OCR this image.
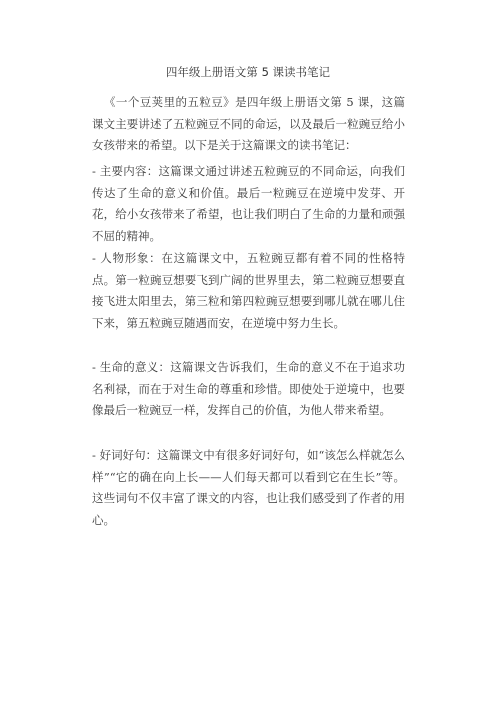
四年级上册语文第 5 课读书笔记
《一个豆荚里的五粒豆》是四年级上册语文第 5 课，这篇课文主要讲述了五粒豌豆不同的命运，以及最后一粒豌豆给小女孩带来的希望。以下是关于这篇课文的读书笔记：
- 主要内容：这篇课文通过讲述五粒豌豆的不同命运，向我们传达了生命的意义和价值。最后一粒豌豆在逆境中发芽、开花，给小女孩带来了希望，也让我们明白了生命的力量和顽强不屈的精神。
- 人物形象：在这篇课文中，五粒豌豆都有着不同的性格特点。第一粒豌豆想要飞到广阔的世界里去，第二粒豌豆想要直接飞进太阳里去，第三粒和第四粒豌豆想要到哪儿就在哪儿住下来，第五粒豌豆随遇而安，在逆境中努力生长。
- 生命的意义：这篇课文告诉我们，生命的意义不在于追求功名利禄，而在于对生命的尊重和珍惜。即使处于逆境中，也要像最后一粒豌豆一样，发挥自己的价值，为他人带来希望。
- 好词好句：这篇课文中有很多好词好句，如“该怎么样就怎么样”“它的确在向上长——人们每天都可以看到它在生长”等。这些词句不仅丰富了课文的内容，也让我们感受到了作者的用心。
